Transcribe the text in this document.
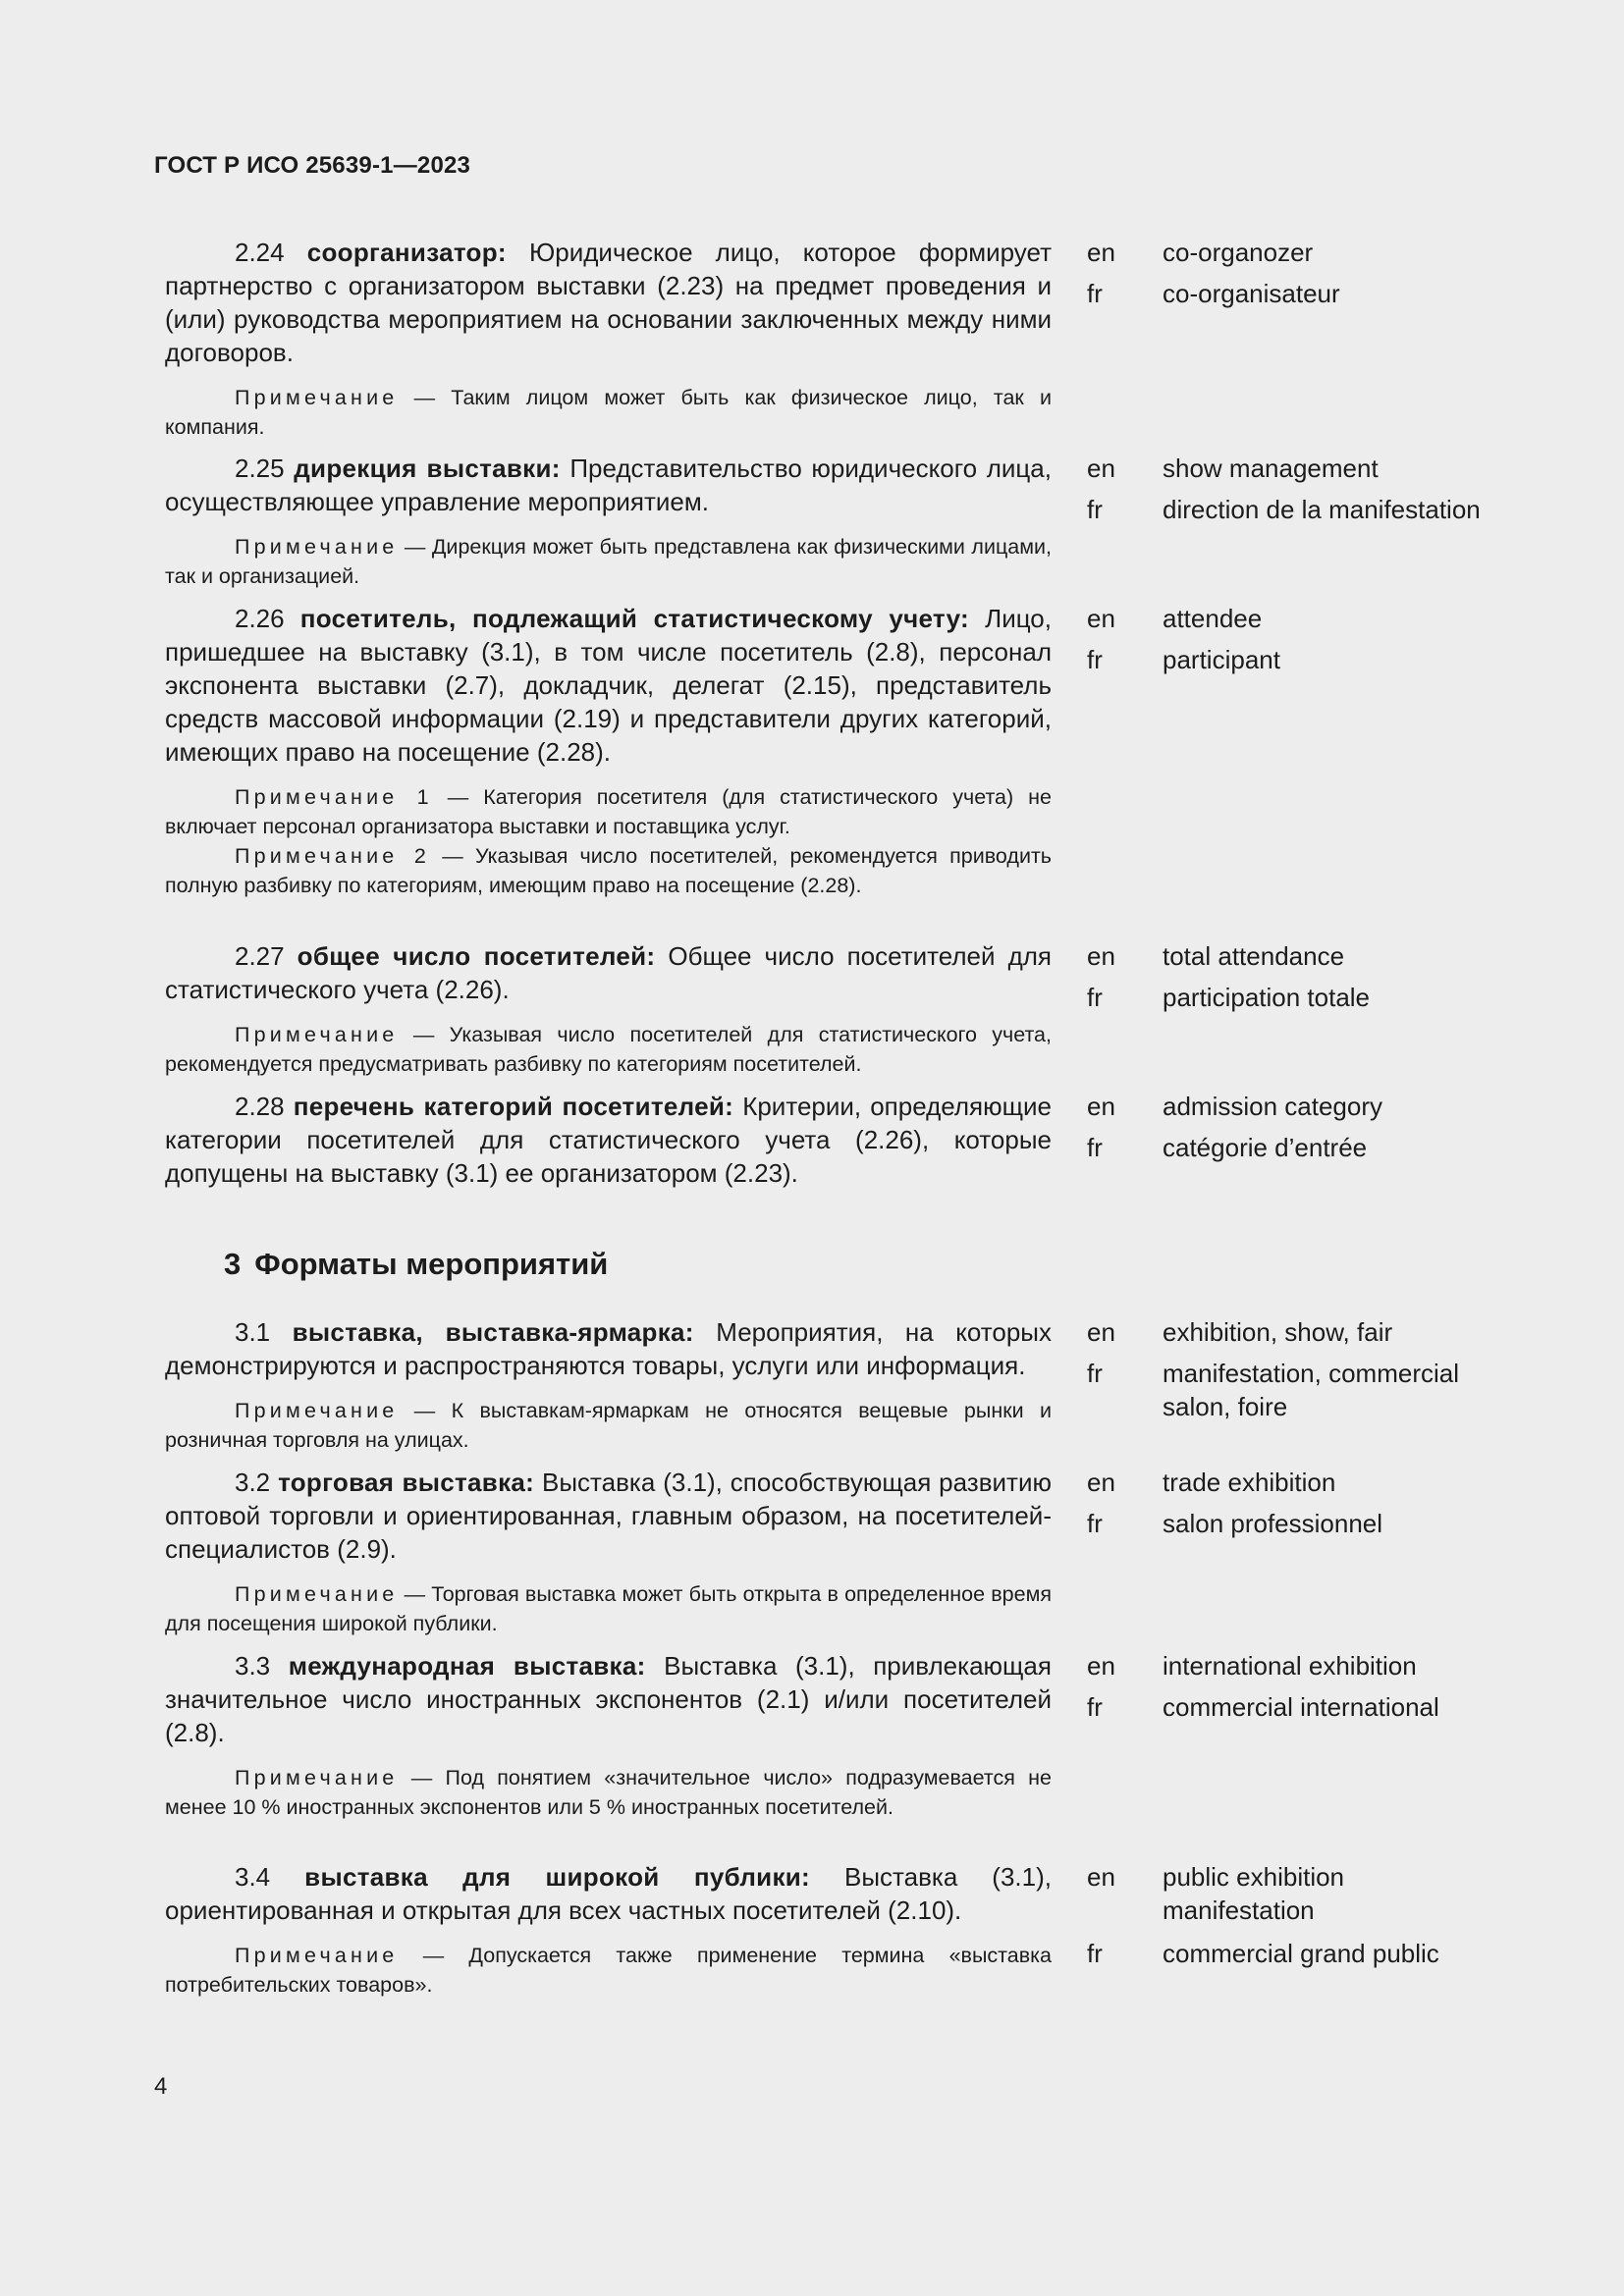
ГОСТ Р ИСО 25639-1—2023

2.24 соорганизатор: Юридическое лицо, которое формирует партнерство с организатором выставки (2.23) на предмет проведения и (или) руководства мероприятием на основании заключенных между ними договоров.

Примечание — Таким лицом может быть как физическое лицо, так и компания.

en	co-organozer
fr	co-organisateur

2.25 дирекция выставки: Представительство юридического лица, осуществляющее управление мероприятием.

Примечание — Дирекция может быть представлена как физическими лицами, так и организацией.

en	show management
fr	direction de la manifestation

2.26 посетитель, подлежащий статистическому учету: Лицо, пришедшее на выставку (3.1), в том числе посетитель (2.8), персонал экспонента выставки (2.7), докладчик, делегат (2.15), представитель средств массовой информации (2.19) и представители других категорий, имеющих право на посещение (2.28).

Примечание 1 — Категория посетителя (для статистического учета) не включает персонал организатора выставки и поставщика услуг.

Примечание 2 — Указывая число посетителей, рекомендуется приводить полную разбивку по категориям, имеющим право на посещение (2.28).

en	attendee
fr	participant

2.27 общее число посетителей: Общее число посетителей для статистического учета (2.26).

Примечание — Указывая число посетителей для статистического учета, рекомендуется предусматривать разбивку по категориям посетителей.

en	total attendance
fr	participation totale

2.28 перечень категорий посетителей: Критерии, определяющие категории посетителей для статистического учета (2.26), которые допущены на выставку (3.1) ее организатором (2.23).

en	admission category
fr	catégorie d’entrée
3 Форматы мероприятий

3.1 выставка, выставка-ярмарка: Мероприятия, на которых демонстрируются и распространяются товары, услуги или информация.

Примечание — К выставкам-ярмаркам не относятся вещевые рынки и розничная торговля на улицах.

en	exhibition, show, fair
fr	manifestation, commercial salon, foire

3.2 торговая выставка: Выставка (3.1), способствующая развитию оптовой торговли и ориентированная, главным образом, на посетителей-специалистов (2.9).

Примечание — Торговая выставка может быть открыта в определенное время для посещения широкой публики.

en	trade exhibition
fr	salon professionnel

3.3 международная выставка: Выставка (3.1), привлекающая значительное число иностранных экспонентов (2.1) и/или посетителей (2.8).

Примечание — Под понятием «значительное число» подразумевается не менее 10 % иностранных экспонентов или 5 % иностранных посетителей.

en	international exhibition
fr	commercial international

3.4 выставка для широкой публики: Выставка (3.1), ориентированная и открытая для всех частных посетителей (2.10).

Примечание — Допускается также применение термина «выставка потребительских товаров».

en	public exhibition manifestation
fr	commercial grand public
4
